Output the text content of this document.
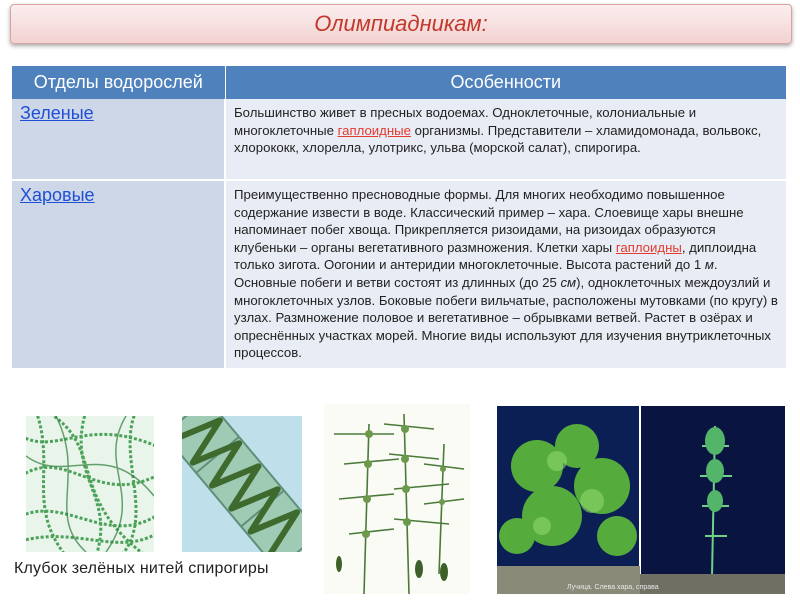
Олимпиадникам:
Отделы водорослей	Особенности
Зеленые	Большинство живет в пресных водоемах. Одноклеточные, колониальные и многоклеточные гаплоидные организмы. Представители – хламидомонада, вольвокс, хлорококк, хлорелла, улотрикс, ульва (морской салат), спирогира.
Харовые	Преимущественно пресноводные формы. Для многих необходимо повышенное содержание извести в воде. Классический пример – хара. Слоевище хары внешне напоминает побег хвоща. Прикрепляется ризоидами, на ризоидах образуются клубеньки – органы вегетативного размножения. Клетки хары гаплоидны, диплоидна только зигота. Оогонии и антеридии многоклеточные. Высота растений до 1 м. Основные побеги и ветви состоят из длинных (до 25 см), одноклеточных междоузлий и многоклеточных узлов. Боковые побеги вильчатые, расположены мутовками (по кругу) в узлах. Размножение половое и вегетативное – обрывками ветвей. Растет в озёрах и опреснённых участках морей. Многие виды используют для изучения внутриклеточных процессов.
Лучица. Слева хара, справа
Клубок зелёных нитей спирогиры
